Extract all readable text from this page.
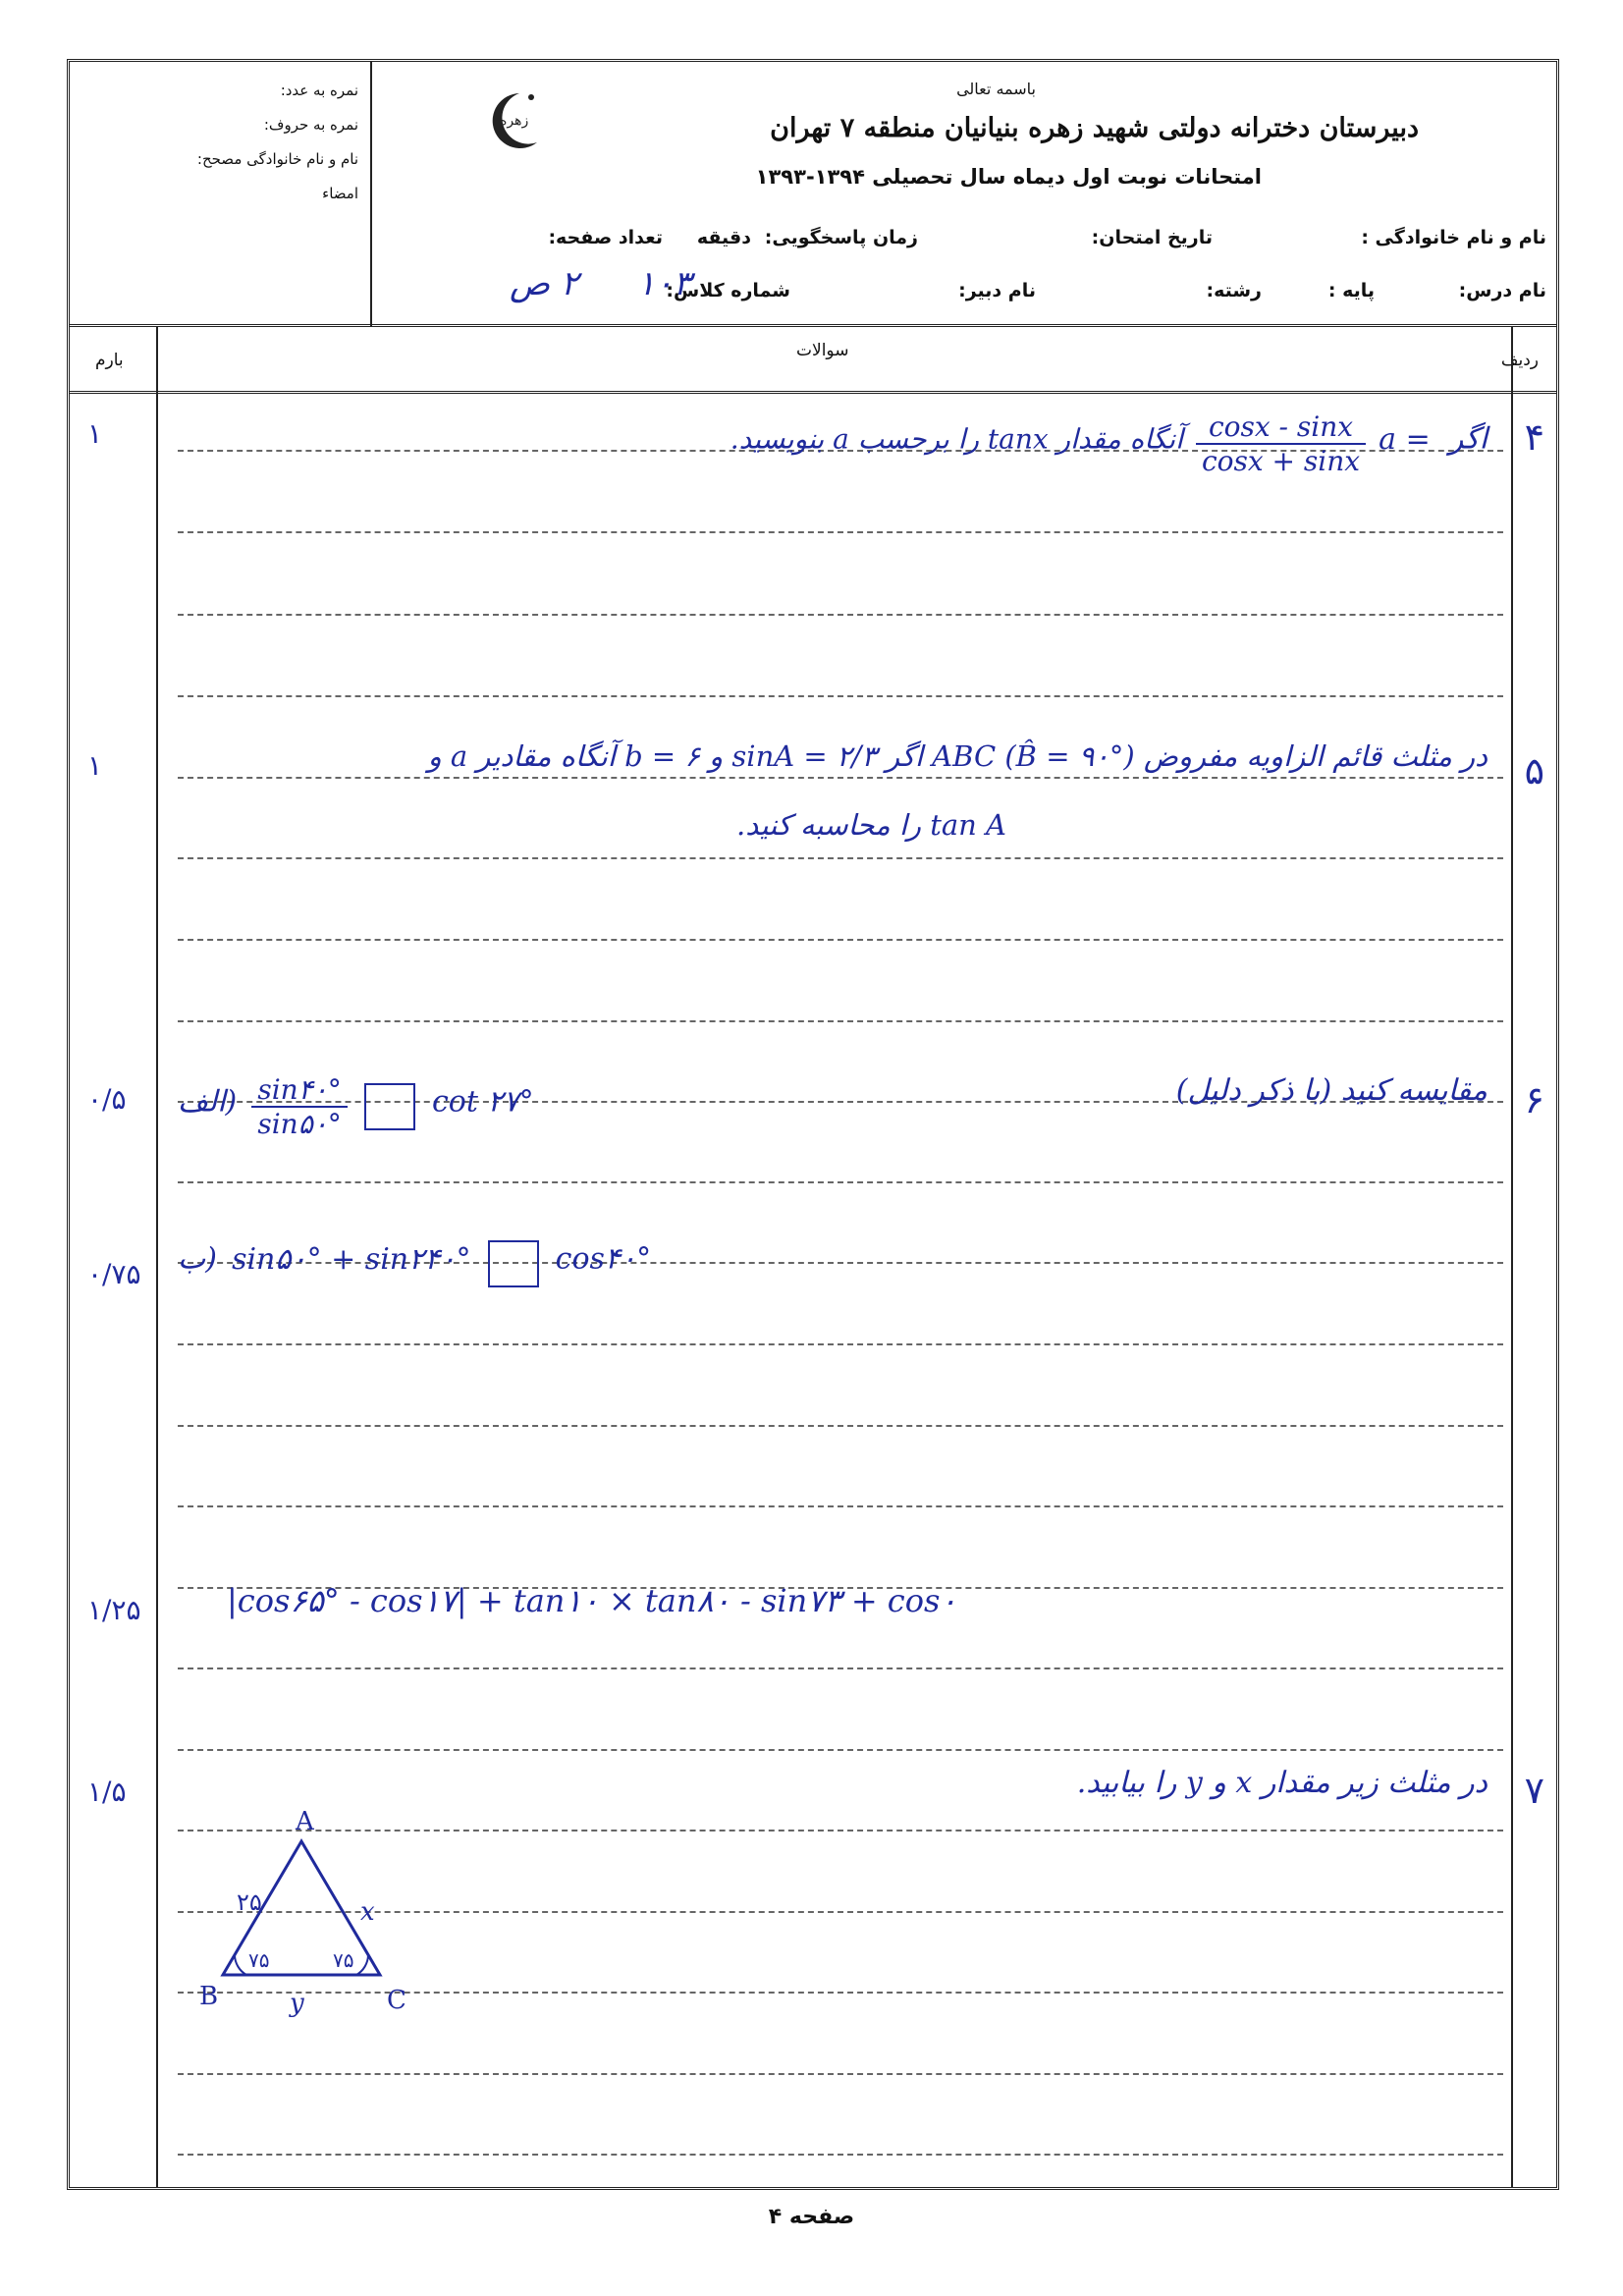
نمره به عدد:
نمره به حروف:
نام و نام خانوادگی مصحح:
امضاء
باسمه تعالی
دبیرستان دخترانه دولتی شهید زهره بنیانیان منطقه ۷ تهران
زهره
امتحانات نوبت اول دیماه سال تحصیلی ۱۳۹۴-۱۳۹۳
نام و نام خانوادگی :
تاریخ امتحان:
زمان پاسخگویی:
دقیقه
تعداد صفحه:
نام درس:
پایه :
رشته:
نام دبیر:
شماره کلاس:
۱۰۳
۲ ص
ردیف
سوالات
بارم
۴
۱	اگر = a
$\frac{\cos x - \sin x}{\cos x + \sin x}$
آنگاه مقدار tanx را برحسب a بنویسید.
۵
۱	در مثلث قائم الزاویه مفروض ABC (B̂ = ۹۰°) اگر sinA = ۲/۳ و b = ۶ آنگاه مقادیر a و
tan A را محاسبه کنید.
۶
۰/۵	مقایسه کنید (با ذکر دلیل)
الف) $\frac{\sin ۴۰^\circ}{\sin ۵۰^\circ}$	cot ۲۷°
۰/۷۵ ب) sin۵۰° + sin۲۴۰°	cos۴۰°
۱/۲۵	|cos۶۵° - cos۱۷| + tan۱۰ × tan۸۰ - sin۷۳ + cos۰
۷
۱/۵	در مثلث زیر مقدار x و y را بیابید.
A
B	C
۲۵	x
y
۷۵	۷۵
صفحه ۴
